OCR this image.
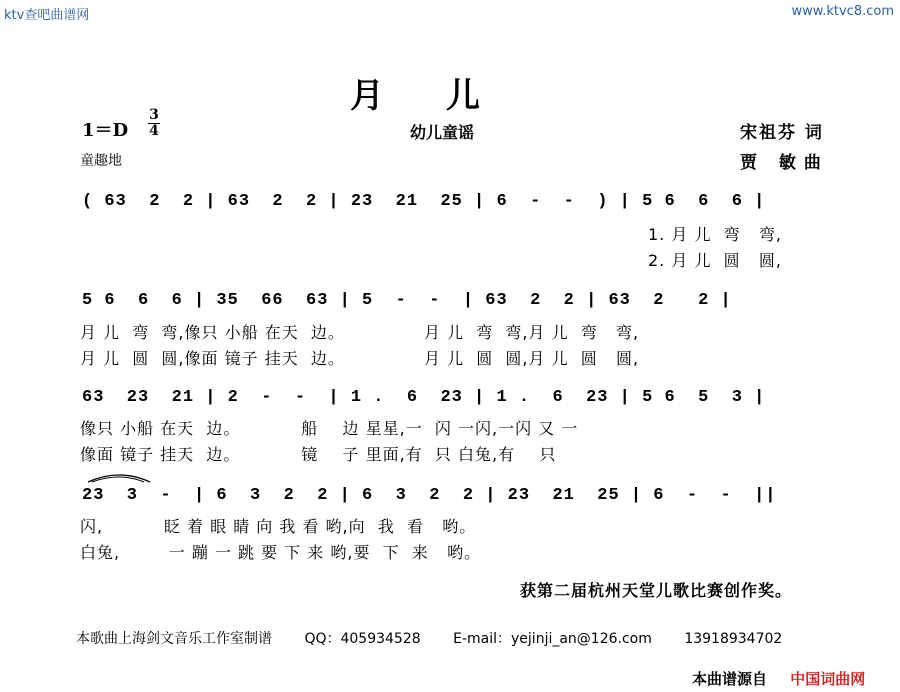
ktv查吧曲谱网	www.ktvc8.com
月儿
1＝D
3
4	幼儿童谣	宋祖芬 词
贾 敏曲
童趣地
( 63  2  2 | 63  2  2 | 23  21  25 | 6  -  -  ) | 5 6  6  6 |
1. 月 儿  弯   弯,
2. 月 儿  圆   圆,
5 6  6  6 | 35  66  63 | 5  -  -  | 63  2  2 | 63  2   2 |
月 儿  弯  弯,像只 小船 在天  边。             月 儿  弯  弯,月 儿  弯   弯,
月 儿  圆  圆,像面 镜子 挂天  边。             月 儿  圆  圆,月 儿  圆   圆,
63  23  21 | 2  -  -  | 1 .  6  23 | 1 .  6  23 | 5 6  5  3 |
像只 小船 在天  边。          船    边 星星,一  闪 一闪,一闪 又 一
像面 镜子 挂天  边。          镜    子 里面,有  只 白兔,有    只
23  3  -  | 6  3  2  2 | 6  3  2  2 | 23  21  25 | 6  -  -  ||
闪,          眨 着 眼 睛 向 我 看 哟,向  我  看   哟。
白兔,        一 蹦 一 跳 要 下 来 哟,要  下  来   哟。
获第二届杭州天堂儿歌比赛创作奖。
本歌曲上海剑文音乐工作室制谱 QQ：405934528 E-mail：yejinji_an@126.com 13918934702
本曲谱源自 中国词曲网
